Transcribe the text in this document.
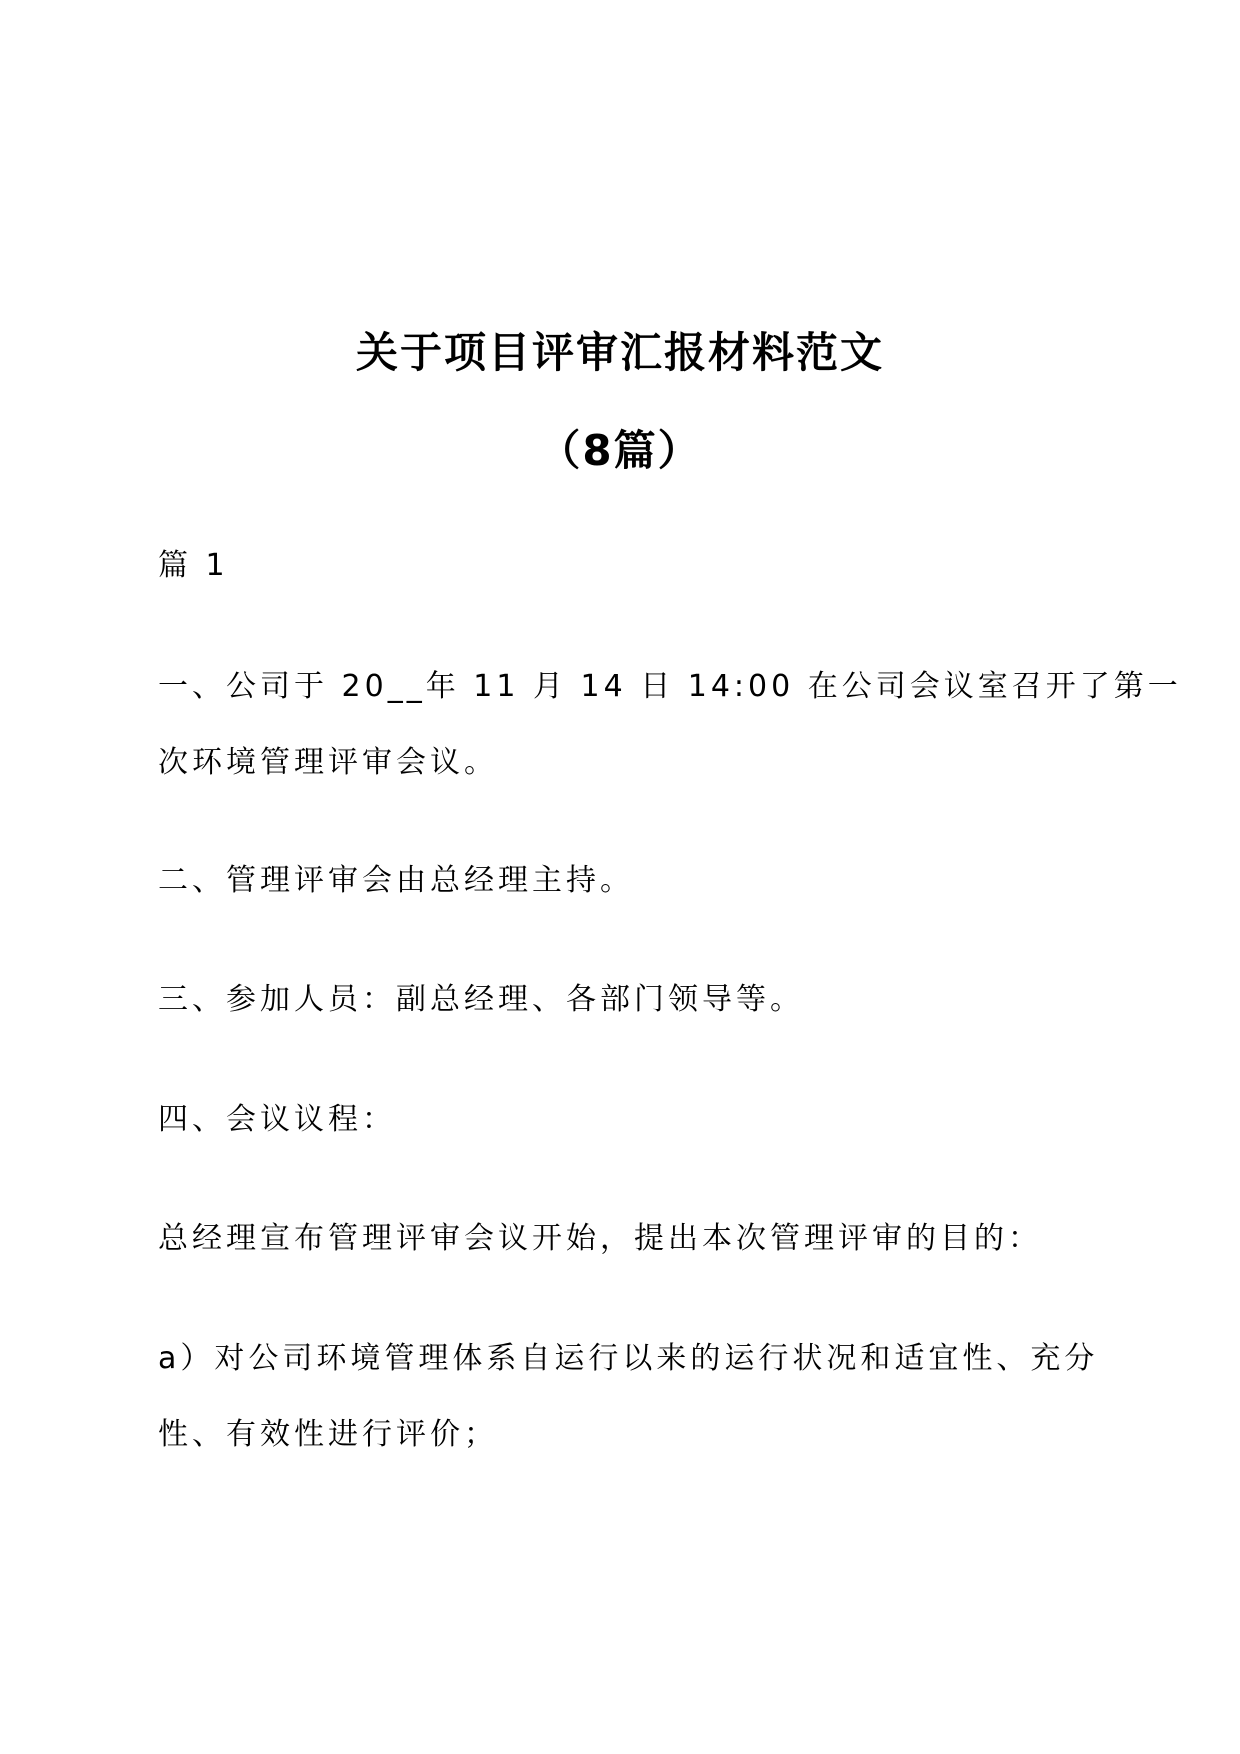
关于项目评审汇报材料范文
（8篇）

篇 1

一、公司于 20__年 11 月 14 日 14:00 在公司会议室召开了第一

次环境管理评审会议。

二、管理评审会由总经理主持。

三、参加人员：副总经理、各部门领导等。

四、会议议程：

总经理宣布管理评审会议开始，提出本次管理评审的目的：

a）对公司环境管理体系自运行以来的运行状况和适宜性、充分

性、有效性进行评价；
